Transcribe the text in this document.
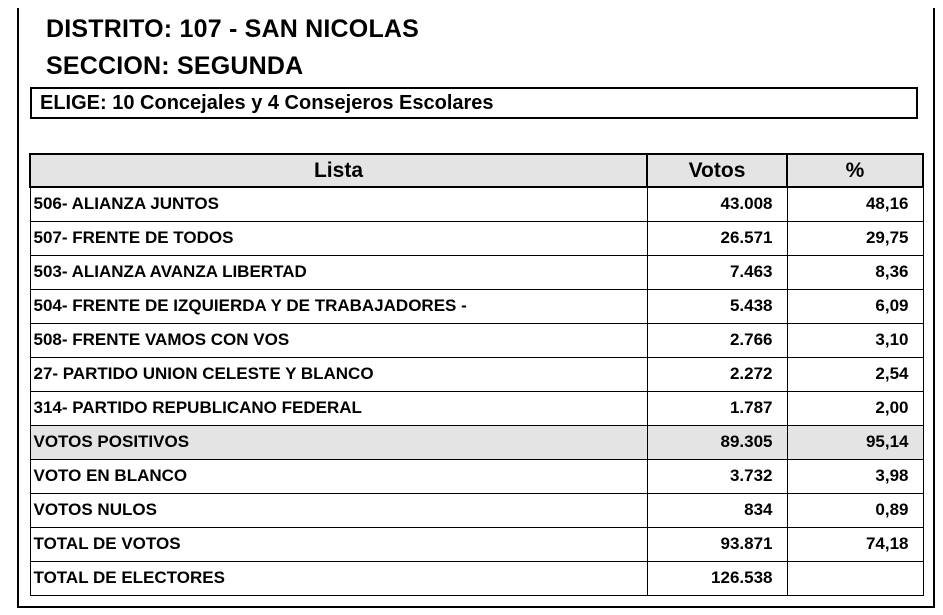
DISTRITO: 107 - SAN NICOLAS
SECCION: SEGUNDA
ELIGE: 10 Concejales y 4 Consejeros Escolares
Lista	Votos	%
506- ALIANZA JUNTOS	43.008	48,16
507- FRENTE DE TODOS	26.571	29,75
503- ALIANZA AVANZA LIBERTAD	7.463	8,36
504- FRENTE DE IZQUIERDA Y DE TRABAJADORES -	5.438	6,09
508- FRENTE VAMOS CON VOS	2.766	3,10
27- PARTIDO UNION CELESTE Y BLANCO	2.272	2,54
314- PARTIDO REPUBLICANO FEDERAL	1.787	2,00
VOTOS POSITIVOS	89.305	95,14
VOTO EN BLANCO	3.732	3,98
VOTOS NULOS	834	0,89
TOTAL DE VOTOS	93.871	74,18
TOTAL DE ELECTORES	126.538	
